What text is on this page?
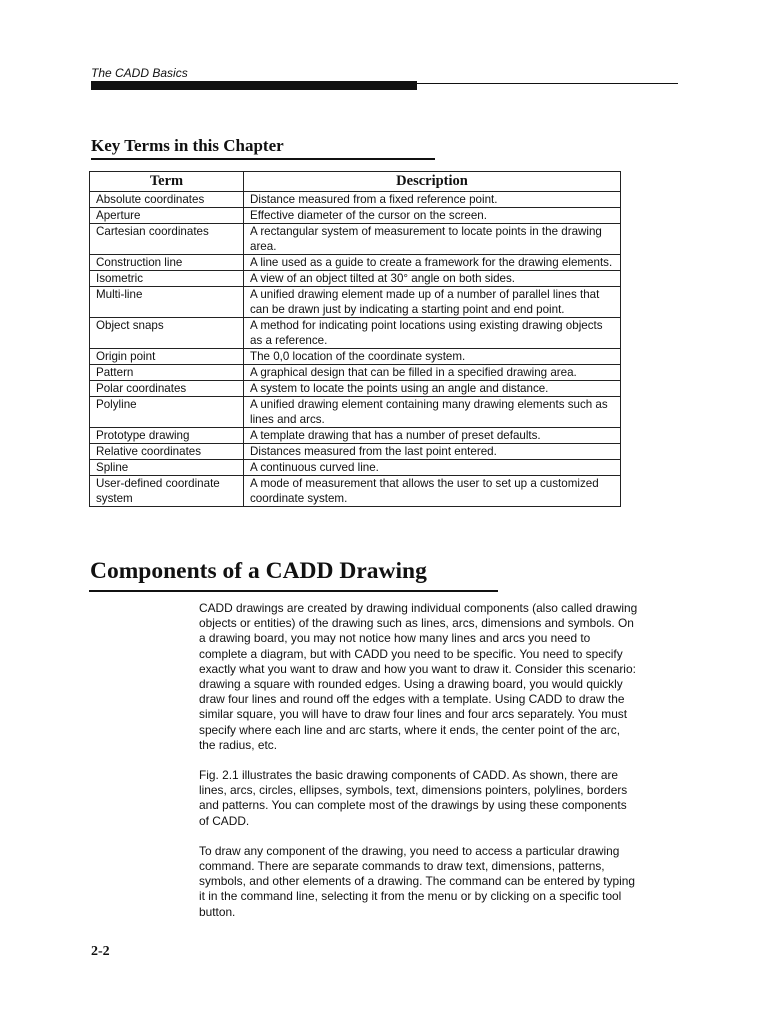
The CADD Basics
Key Terms in this Chapter
Term	Description
Absolute coordinates	Distance measured from a fixed reference point.
Aperture	Effective diameter of the cursor on the screen.
Cartesian coordinates	A rectangular system of measurement to locate points in the drawing area.
Construction line	A line used as a guide to create a framework for the drawing elements.
Isometric	A view of an object tilted at 30° angle on both sides.
Multi-line	A unified drawing element made up of a number of parallel lines that can be drawn just by indicating a starting point and end point.
Object snaps	A method for indicating point locations using existing drawing objects as a reference.
Origin point	The 0,0 location of the coordinate system.
Pattern	A graphical design that can be filled in a specified drawing area.
Polar coordinates	A system to locate the points using an angle and distance.
Polyline	A unified drawing element containing many drawing elements such as lines and arcs.
Prototype drawing	A template drawing that has a number of preset defaults.
Relative coordinates	Distances measured from the last point entered.
Spline	A continuous curved line.
User-defined coordinate system	A mode of measurement that allows the user to set up a customized coordinate system.
Components of a CADD Drawing

CADD drawings are created by drawing individual components (also called drawing objects or entities) of the drawing such as lines, arcs, dimensions and symbols. On a drawing board, you may not notice how many lines and arcs you need to complete a diagram, but with CADD you need to be specific. You need to specify exactly what you want to draw and how you want to draw it. Consider this scenario: drawing a square with rounded edges. Using a drawing board, you would quickly draw four lines and round off the edges with a template. Using CADD to draw the similar square, you will have to draw four lines and four arcs separately. You must specify where each line and arc starts, where it ends, the center point of the arc, the radius, etc.

Fig. 2.1 illustrates the basic drawing components of CADD. As shown, there are lines, arcs, circles, ellipses, symbols, text, dimensions pointers, polylines, borders and patterns. You can complete most of the drawings by using these components of CADD.

To draw any component of the drawing, you need to access a particular drawing command. There are separate commands to draw text, dimensions, patterns, symbols, and other elements of a drawing. The command can be entered by typing it in the command line, selecting it from the menu or by clicking on a specific tool button.

2-2
